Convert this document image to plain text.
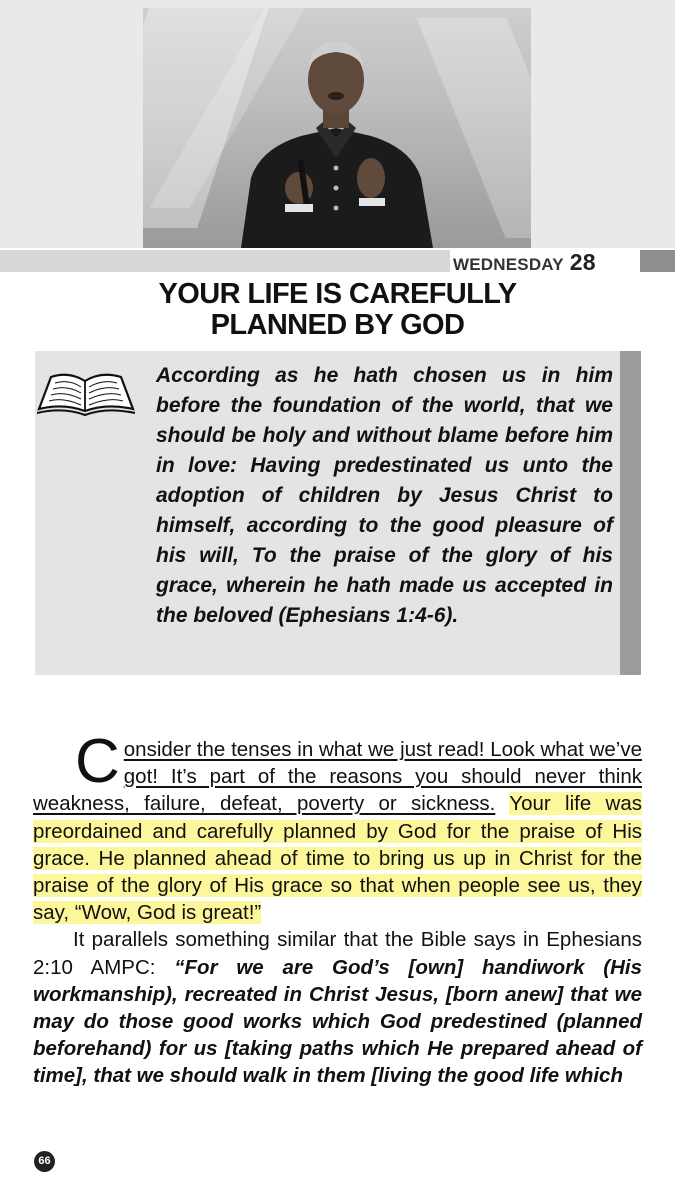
WEDNESDAY 28
YOUR LIFE IS CAREFULLY
PLANNED BY GOD
According as he hath chosen us in him before the foundation of the world, that we should be holy and without blame before him in love: Having predestinated us unto the adoption of children by Jesus Christ to himself, according to the good pleasure of his will, To the praise of the glory of his grace, wherein he hath made us accepted in the beloved (Ephesians 1:4-6).

Consider the tenses in what we just read! Look what we’ve got! It’s part of the reasons you should never think weakness, failure, defeat, poverty or sickness. Your life was preordained and carefully planned by God for the praise of His grace. He planned ahead of time to bring us up in Christ for the praise of the glory of His grace so that when people see us, they say, “Wow, God is great!”

It parallels something similar that the Bible says in Ephesians 2:10 AMPC: “For we are God’s [own] handiwork (His workmanship), recreated in Christ Jesus, [born anew] that we may do those good works which God predestined (planned beforehand) for us [taking paths which He prepared ahead of time], that we should walk in them [living the good life which

66
